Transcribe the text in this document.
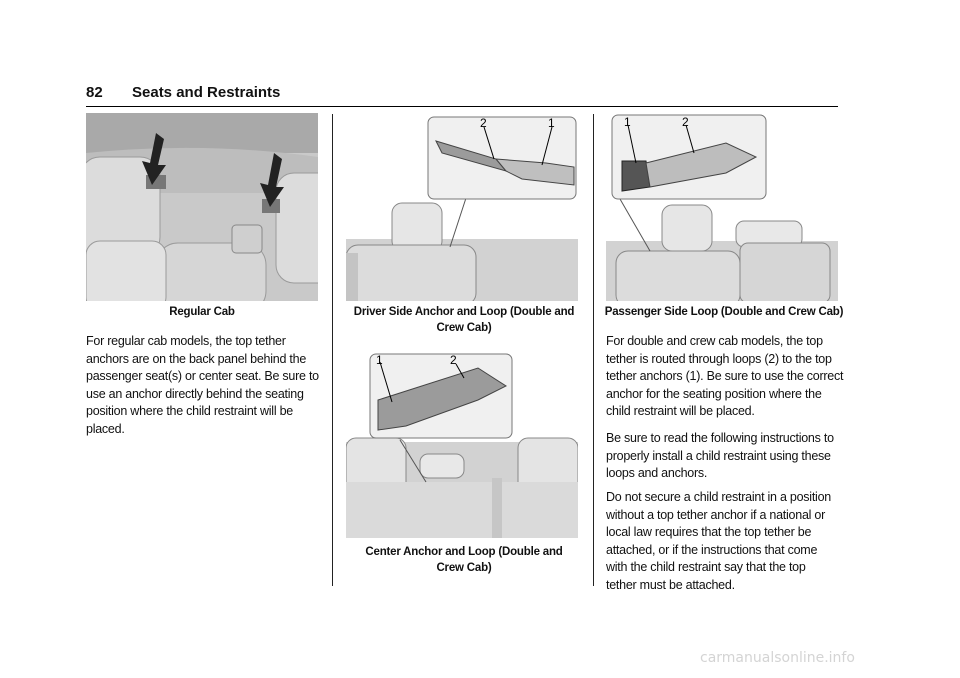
82 Seats and Restraints
Regular Cab
For regular cab models, the top tether
anchors are on the back panel behind the
passenger seat(s) or center seat. Be sure to
use an anchor directly behind the seating
position where the child restraint will be
placed.
2	1
Driver Side Anchor and Loop (Double and
Crew Cab)
1	2
Center Anchor and Loop (Double and
Crew Cab)
1	2
Passenger Side Loop (Double and Crew Cab)
For double and crew cab models, the top
tether is routed through loops (2) to the top
tether anchors (1). Be sure to use the correct
anchor for the seating position where the
child restraint will be placed.
Be sure to read the following instructions to
properly install a child restraint using these
loops and anchors.
Do not secure a child restraint in a position
without a top tether anchor if a national or
local law requires that the top tether be
attached, or if the instructions that come
with the child restraint say that the top
tether must be attached.
carmanualsonline.info
